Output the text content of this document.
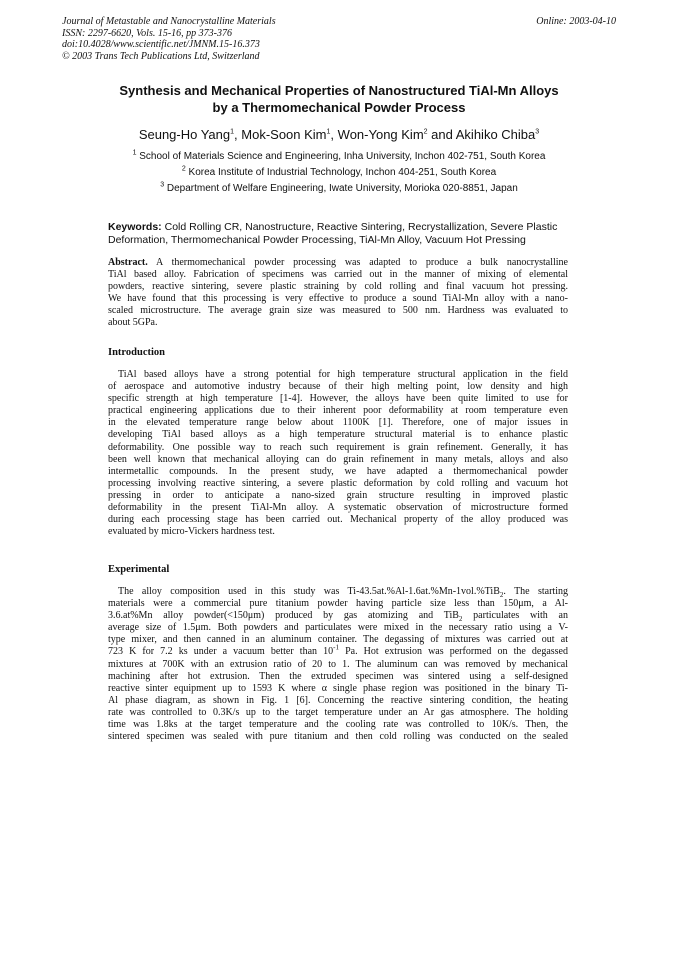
Journal of Metastable and Nanocrystalline Materials
ISSN: 2297-6620, Vols. 15-16, pp 373-376
doi:10.4028/www.scientific.net/JMNM.15-16.373
© 2003 Trans Tech Publications Ltd, Switzerland
Online: 2003-04-10
Synthesis and Mechanical Properties of Nanostructured TiAl-Mn Alloys
by a Thermomechanical Powder Process
Seung-Ho Yang$^1$, Mok-Soon Kim$^1$, Won-Yong Kim$^2$ and Akihiko Chiba$^3$
$^1$ School of Materials Science and Engineering, Inha University, Inchon 402-751, South Korea
$^2$ Korea Institute of Industrial Technology, Inchon 404-251, South Korea
$^3$ Department of Welfare Engineering, Iwate University, Morioka 020-8851, Japan
Keywords: Cold Rolling CR, Nanostructure, Reactive Sintering, Recrystallization, Severe Plastic Deformation, Thermomechanical Powder Processing, TiAl-Mn Alloy, Vacuum Hot Pressing
Abstract. A thermomechanical powder processing was adapted to produce a bulk nanocrystalline
TiAl based alloy. Fabrication of specimens was carried out in the manner of mixing of elemental
powders, reactive sintering, severe plastic straining by cold rolling and final vacuum hot pressing.
We have found that this processing is very effective to produce a sound TiAl-Mn alloy with a nano-
scaled microstructure. The average grain size was measured to 500 nm. Hardness was evaluated to
about 5GPa.
Introduction
TiAl based alloys have a strong potential for high temperature structural application in the field
of aerospace and automotive industry because of their high melting point, low density and high
specific strength at high temperature [1-4]. However, the alloys have been quite limited to use for
practical engineering applications due to their inherent poor deformability at room temperature even
in the elevated temperature range below about 1100K [1]. Therefore, one of major issues in
developing TiAl based alloys as a high temperature structural material is to enhance plastic
deformability. One possible way to reach such requirement is grain refinement. Generally, it has
been well known that mechanical alloying can do grain refinement in many metals, alloys and also
intermetallic compounds. In the present study, we have adapted a thermomechanical powder
processing involving reactive sintering, a severe plastic deformation by cold rolling and vacuum hot
pressing in order to anticipate a nano-sized grain structure resulting in improved plastic
deformability in the present TiAl-Mn alloy. A systematic observation of microstructure formed
during each processing stage has been carried out. Mechanical property of the alloy produced was
evaluated by micro-Vickers hardness test.
Experimental
The alloy composition used in this study was Ti-43.5at.%Al-1.6at.%Mn-1vol.%TiB$_2$. The starting
materials were a commercial pure titanium powder having particle size less than 150μm, a Al-
3.6.at%Mn alloy powder(<150μm) produced by gas atomizing and TiB$_2$ particulates with an
average size of 1.5μm. Both powders and particulates were mixed in the necessary ratio using a V-
type mixer, and then canned in an aluminum container. The degassing of mixtures was carried out at
723 K for 7.2 ks under a vacuum better than $10^{-1}$ Pa. Hot extrusion was performed on the degassed
mixtures at 700K with an extrusion ratio of 20 to 1. The aluminum can was removed by mechanical
machining after hot extrusion. Then the extruded specimen was sintered using a self-designed
reactive sinter equipment up to 1593 K where α single phase region was positioned in the binary Ti-
Al phase diagram, as shown in Fig. 1 [6]. Concerning the reactive sintering condition, the heating
rate was controlled to 0.3K/s up to the target temperature under an Ar gas atmosphere. The holding
time was 1.8ks at the target temperature and the cooling rate was controlled to 10K/s. Then, the
sintered specimen was sealed with pure titanium and then cold rolling was conducted on the sealed
